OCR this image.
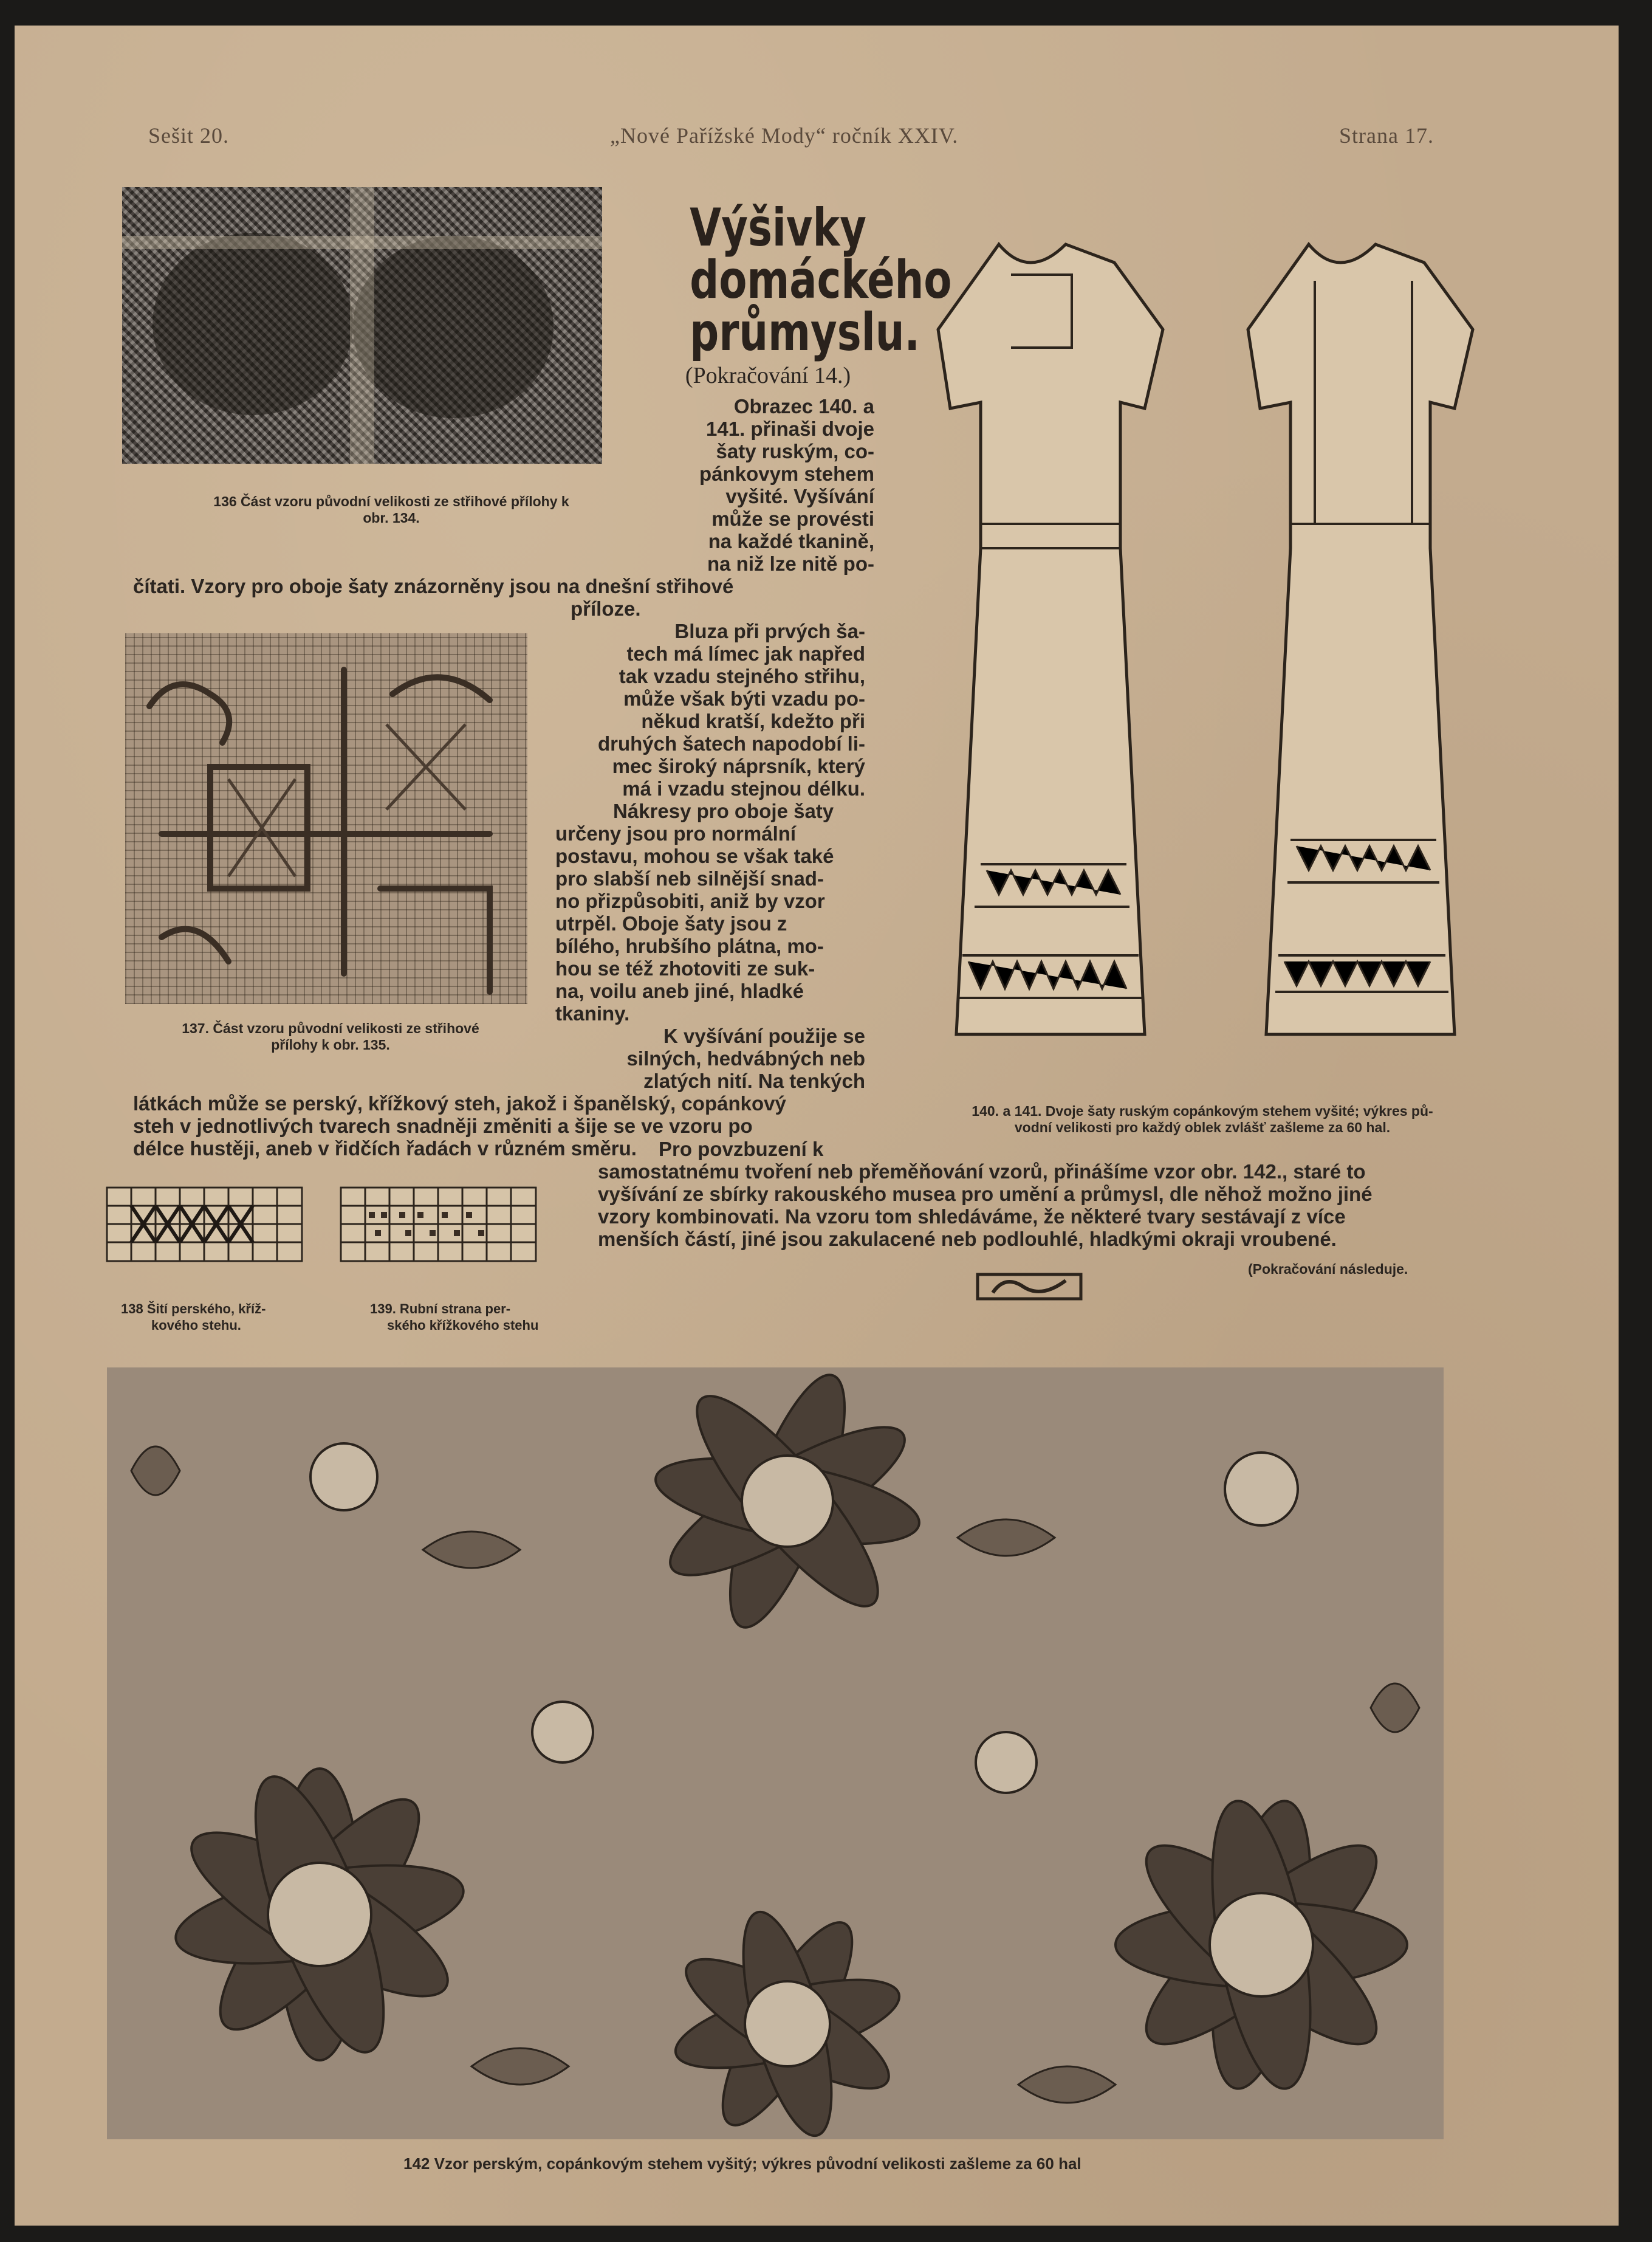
Sešit 20.	„Nové Pařížské Mody“ ročník XXIV.	Strana 17.
136 Část vzoru původní velikosti ze střihové přílohy k
obr. 134.
Výšivky
domáckého
průmyslu.
(Pokračování 14.)
Obrazec 140. a
141. přinaši dvoje
šaty ruským, co-
pánkovym stehem
vyšité. Vyšívání
může se provésti
na každé tkanině,
na niž lze nitě po-
čítati. Vzory pro oboje šaty znázorněny jsou na dnešní střihové
příloze.
137. Část vzoru původní velikosti ze střihové
přílohy k obr. 135.
Bluza při prvých ša-
tech má límec jak napřed
tak vzadu stejného střihu,
může však býti vzadu po-
někud kratší, kdežto při
druhých šatech napodobí li-
mec široký náprsník, který
má i vzadu stejnou délku.
Nákresy pro oboje šaty
určeny jsou pro normální
postavu, mohou se však také
pro slabší neb silnější snad-
no přizpůsobiti, aniž by vzor
utrpěl. Oboje šaty jsou z
bílého, hrubšího plátna, mo-
hou se též zhotoviti ze suk-
na, voilu aneb jiné, hladké
tkaniny.
K vyšívání použije se
silných, hedvábných neb
zlatých nití. Na tenkých
látkách může se perský, křížkový steh, jakož i španělský, copánkový
steh v jednotlivých tvarech snadněji změniti a šije se ve vzoru po
délce hustěji, aneb v řidčích řadách v různém směru.
140. a 141. Dvoje šaty ruským copánkovým stehem vyšité; výkres pů-
vodní velikosti pro každý oblek zvlášť zašleme za 60 hal.
Pro povzbuzení k
samostatnému tvoření neb přeměňování vzorů, přinášíme vzor obr. 142., staré to
vyšívání ze sbírky rakouského musea pro umění a průmysl, dle něhož možno jiné
vzory kombinovati. Na vzoru tom shledáváme, že některé tvary sestávají z více
menších částí, jiné jsou zakulacené neb podlouhlé, hladkými okraji vroubené.
(Pokračování následuje.
138 Šití perského, kříž-
kového stehu.
139. Rubní strana per-
ského křížkového stehu
142 Vzor perským, copánkovým stehem vyšitý; výkres původní velikosti zašleme za 60 hal
